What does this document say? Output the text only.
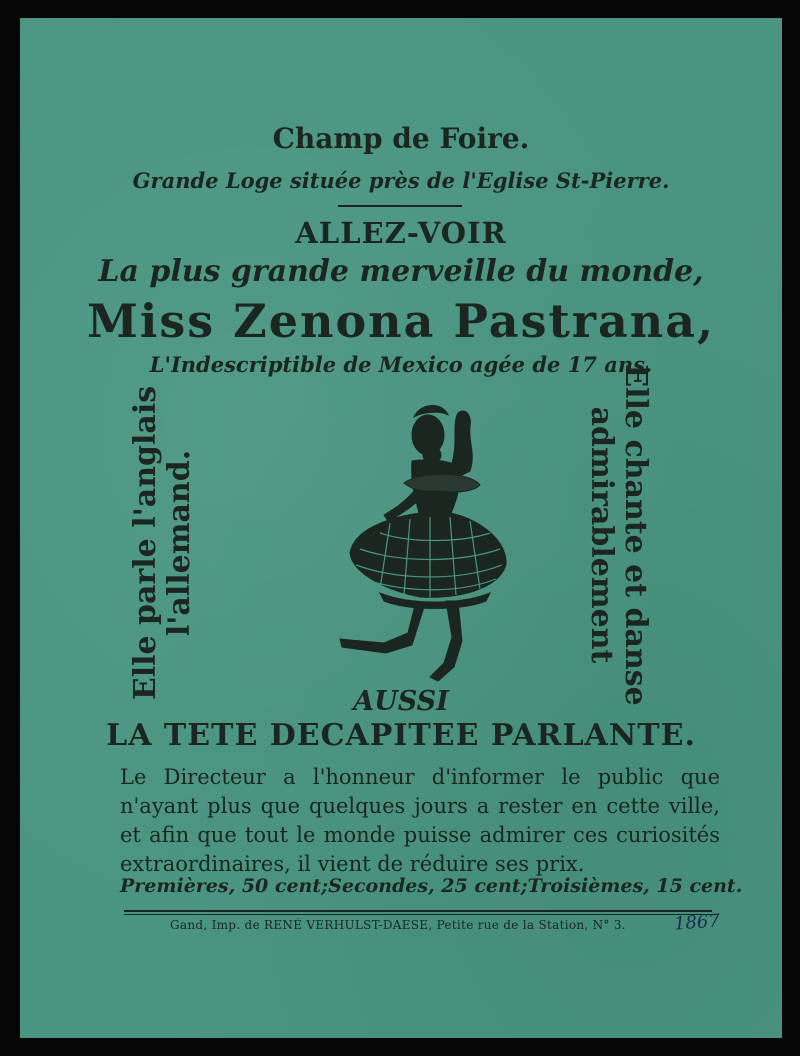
Champ de Foire.
Grande Loge située près de l'Eglise St-Pierre.
ALLEZ-VOIR
La plus grande merveille du monde,
Miss Zenona Pastrana,
L'Indescriptible de Mexico agée de 17 ans.
Elle parle l'anglais l'allemand.	Elle chante et danse
admirablement
AUSSI
LA TETE DECAPITEE PARLANTE.
Le Directeur a l'honneur d'informer le public que
n'ayant plus que quelques jours a rester en cette ville,
et afin que tout le monde puisse admirer ces curiosités
extraordinaires, il vient de réduire ses prix.
Premières, 50 cent; Secondes, 25 cent; Troisièmes, 15 cent.
Gand, Imp. de RENÉ VERHULST-DAESE, Petite rue de la Station, N° 3.	1867
